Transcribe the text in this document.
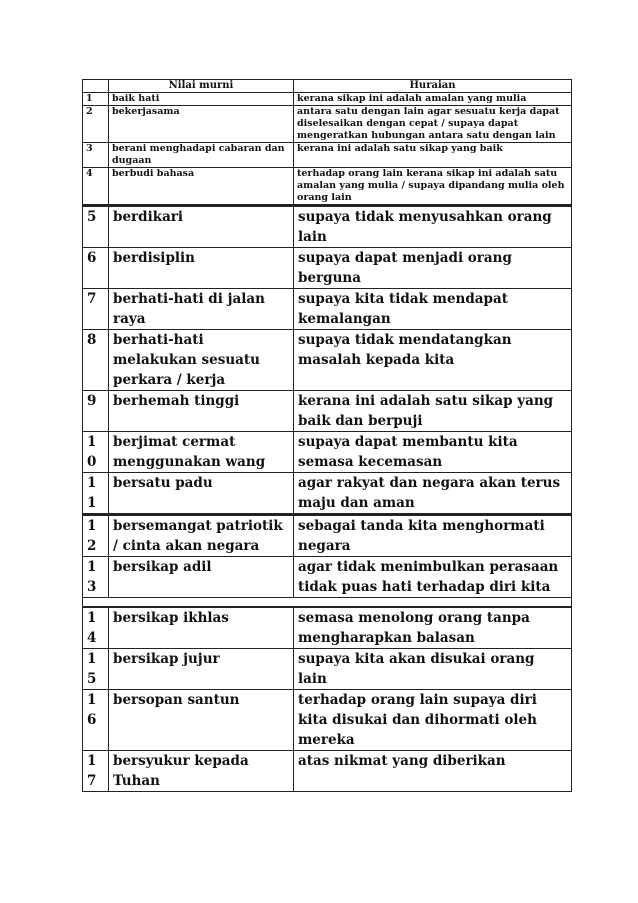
	Nilai murni	Huraian
1	baik hati	kerana sikap ini adalah amalan yang mulia
2	bekerjasama	antara satu dengan lain agar sesuatu kerja dapat diselesaikan dengan cepat / supaya dapat mengeratkan hubungan antara satu dengan lain
3	berani menghadapi cabaran dan dugaan	kerana ini adalah satu sikap yang baik
4	berbudi bahasa	terhadap orang lain kerana sikap ini adalah satu amalan yang mulia / supaya dipandang mulia oleh orang lain
5	berdikari	supaya tidak menyusahkan orang lain
6	berdisiplin	supaya dapat menjadi orang berguna
7	berhati-hati di jalan raya	supaya kita tidak mendapat kemalangan
8	berhati-hati melakukan sesuatu perkara / kerja	supaya tidak mendatangkan masalah kepada kita
9	berhemah tinggi	kerana ini adalah satu sikap yang baik dan berpuji
10	berjimat cermat menggunakan wang	supaya dapat membantu kita semasa kecemasan
11	bersatu padu	agar rakyat dan negara akan terus maju dan aman
12	bersemangat patriotik / cinta akan negara	sebagai tanda kita menghormati negara
13	bersikap adil	agar tidak menimbulkan perasaan tidak puas hati terhadap diri kita
14	bersikap ikhlas	semasa menolong orang tanpa mengharapkan balasan
15	bersikap jujur	supaya kita akan disukai orang lain
16	bersopan santun	terhadap orang lain supaya diri kita disukai dan dihormati oleh mereka
17	bersyukur kepada Tuhan	atas nikmat yang diberikan
